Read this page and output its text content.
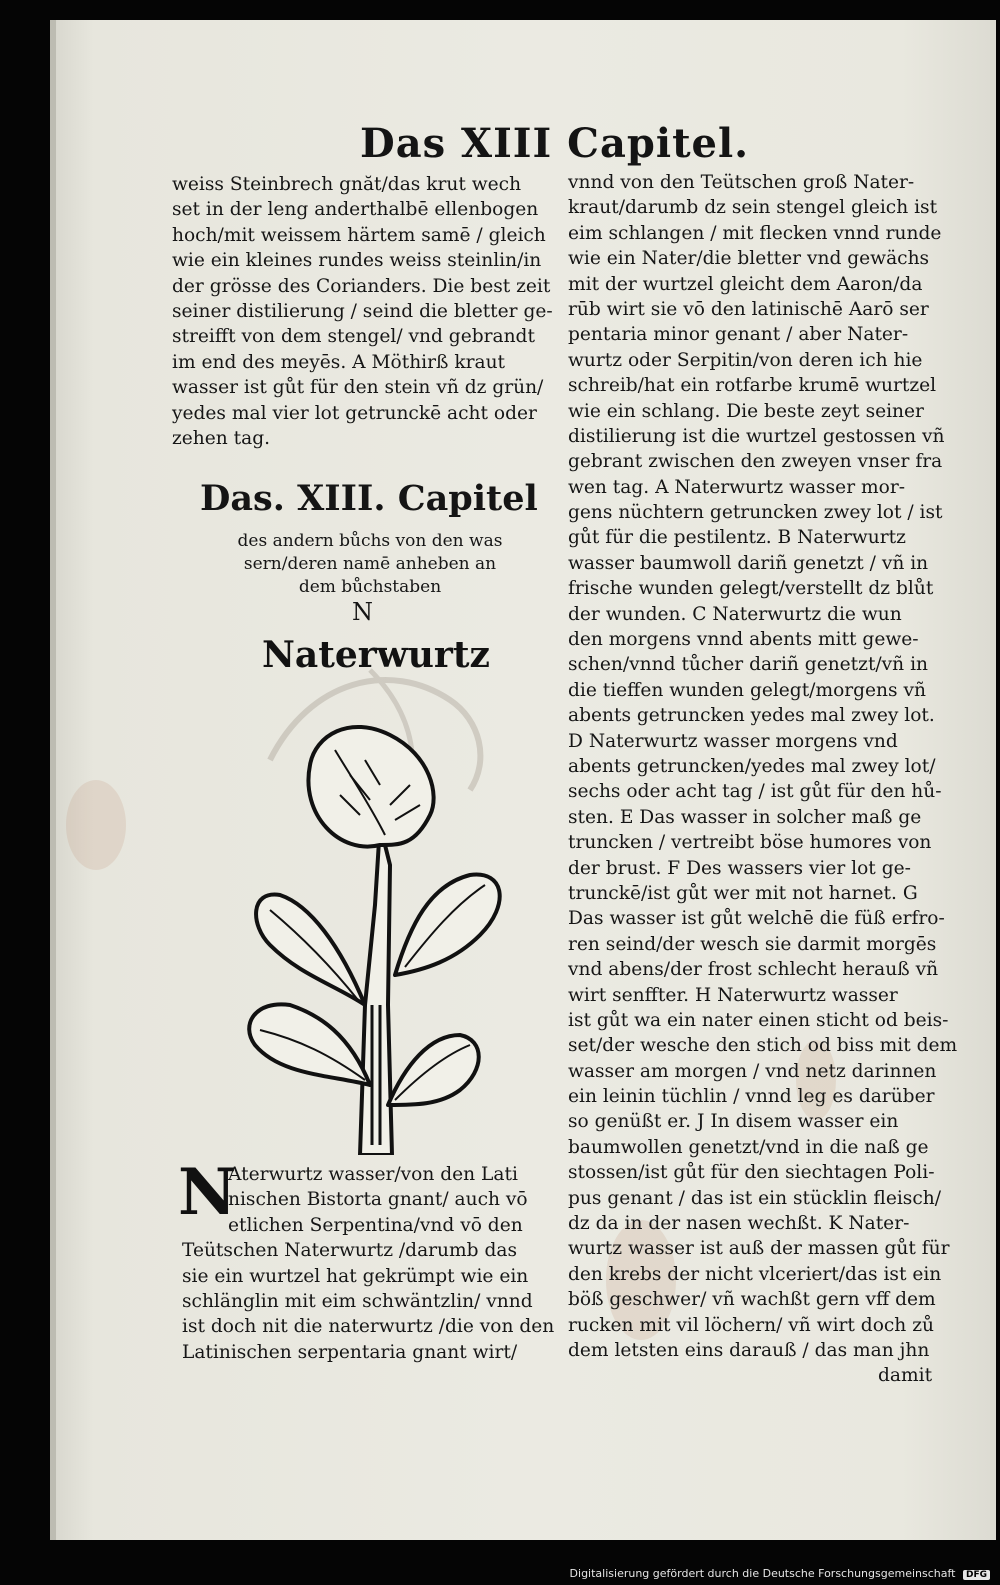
Das XIII Capitel.
weiss Steinbrech gnăt/das krut wech
set in der leng anderthalbē ellenbogen
hoch/mit weissem härtem samē / gleich
wie ein kleines rundes weiss steinlin/in
der grösse des Corianders. Die best zeit
seiner distilierung / seind die bletter ge-
streifft von dem stengel/ vnd gebrandt
im end des meyēs. A Möthirß kraut
wasser ist gůt für den stein vñ dz grün/
yedes mal vier lot getrunckē acht oder
zehen tag.
Das. XIII. Capitel
des andern bůchs von den was
sern/deren namē anheben an
dem bůchstaben
N
Naterwurtz
N
Aterwurtz wasser/von den Lati
nischen Bistorta gnant/ auch vō
etlichen Serpentina/vnd vō den
Teütschen Naterwurtz /darumb das
sie ein wurtzel hat gekrümpt wie ein
schlänglin mit eim schwäntzlin/ vnnd
ist doch nit die naterwurtz /die von den
Latinischen serpentaria gnant wirt/
vnnd von den Teütschen groß Nater-
kraut/darumb dz sein stengel gleich ist
eim schlangen / mit flecken vnnd runde
wie ein Nater/die bletter vnd gewächs
mit der wurtzel gleicht dem Aaron/da
rūb wirt sie vō den latinischē Aarō ser
pentaria minor genant / aber Nater-
wurtz oder Serpitin/von deren ich hie
schreib/hat ein rotfarbe krumē wurtzel
wie ein schlang. Die beste zeyt seiner
distilierung ist die wurtzel gestossen vñ
gebrant zwischen den zweyen vnser fra
wen tag. A Naterwurtz wasser mor-
gens nüchtern getruncken zwey lot / ist
gůt für die pestilentz. B Naterwurtz
wasser baumwoll dariñ genetzt / vñ in
frische wunden gelegt/verstellt dz blůt
der wunden. C Naterwurtz die wun
den morgens vnnd abents mitt gewe-
schen/vnnd tůcher dariñ genetzt/vñ in
die tieffen wunden gelegt/morgens vñ
abents getruncken yedes mal zwey lot.
D Naterwurtz wasser morgens vnd
abents getruncken/yedes mal zwey lot/
sechs oder acht tag / ist gůt für den hů-
sten. E Das wasser in solcher maß ge
truncken / vertreibt böse humores von
der brust. F Des wassers vier lot ge-
trunckē/ist gůt wer mit not harnet. G
Das wasser ist gůt welchē die füß erfro-
ren seind/der wesch sie darmit morgēs
vnd abens/der frost schlecht herauß vñ
wirt senffter. H Naterwurtz wasser
ist gůt wa ein nater einen sticht od beis-
set/der wesche den stich od biss mit dem
wasser am morgen / vnd netz darinnen
ein leinin tüchlin / vnnd leg es darüber
so genüßt er. J In disem wasser ein
baumwollen genetzt/vnd in die naß ge
stossen/ist gůt für den siechtagen Poli-
pus genant / das ist ein stücklin fleisch/
dz da in der nasen wechßt. K Nater-
wurtz wasser ist auß der massen gůt für
den krebs der nicht vlceriert/das ist ein
böß geschwer/ vñ wachßt gern vff dem
rucken mit vil löchern/ vñ wirt doch zů
dem letsten eins darauß / das man jhn
damit
Digitalisierung gefördert durch die Deutsche Forschungsgemeinschaft DFG
